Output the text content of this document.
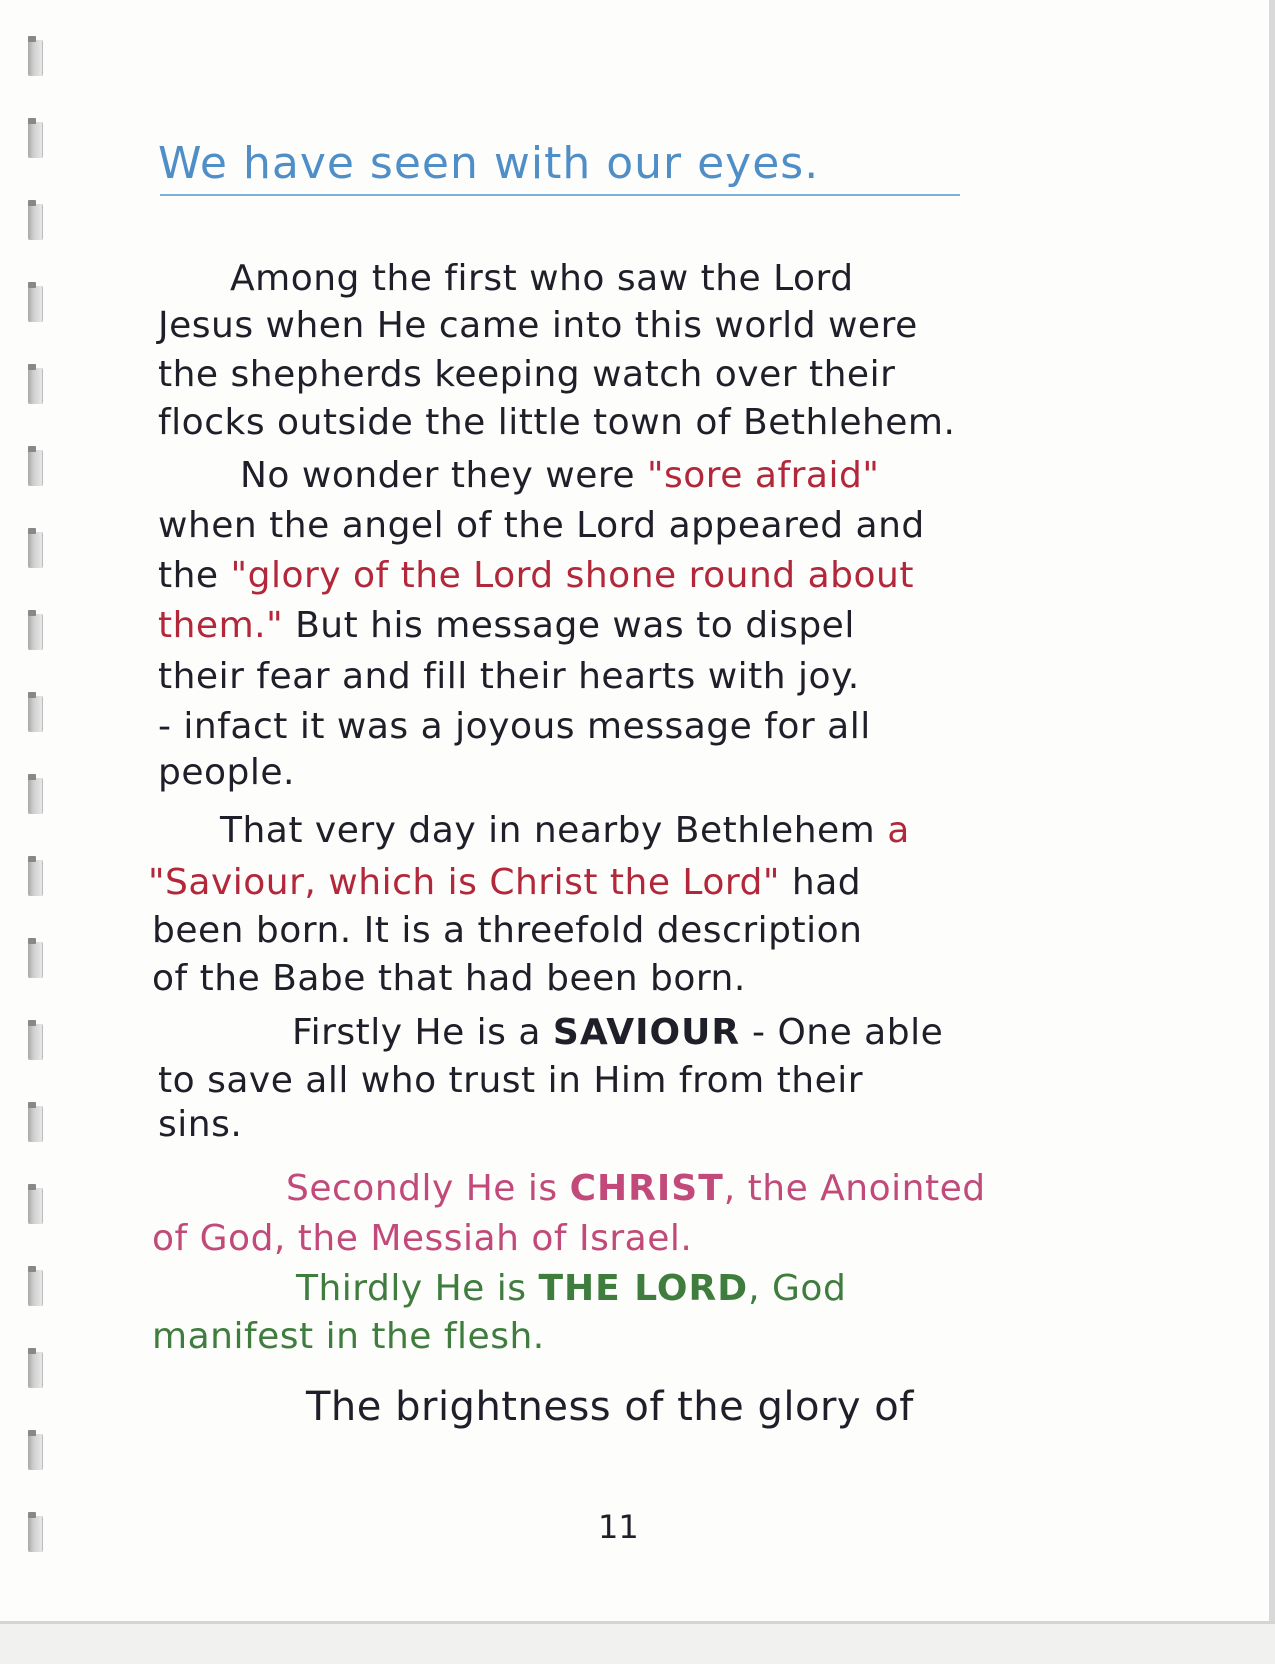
We have seen with our eyes.
Among the first who saw the Lord
Jesus when He came into this world were
the shepherds keeping watch over their
flocks outside the little town of Bethlehem.
No wonder they were "sore afraid"
when the angel of the Lord appeared and
the "glory of the Lord shone round about
them." But his message was to dispel
their fear and fill their hearts with joy.
- infact it was a joyous message for all
people.
That very day in nearby Bethlehem a
"Saviour, which is Christ the Lord" had
been born. It is a threefold description
of the Babe that had been born.
Firstly He is a SAVIOUR - One able
to save all who trust in Him from their
sins.
Secondly He is CHRIST, the Anointed
of God, the Messiah of Israel.
Thirdly He is THE LORD, God
manifest in the flesh.
The brightness of the glory of
11
